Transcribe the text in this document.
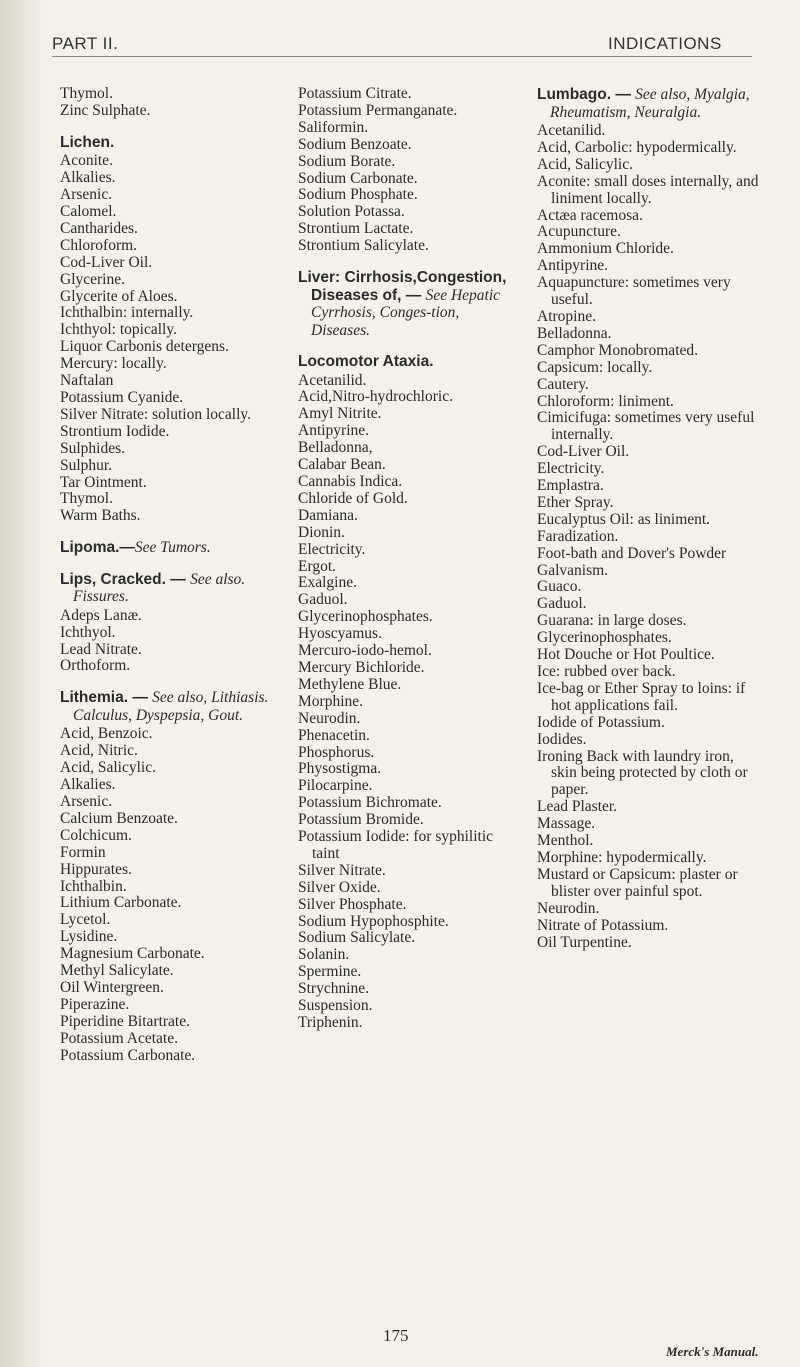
PART II.	INDICATIONS
Thymol.
Zinc Sulphate.
Lichen.
Aconite.
Alkalies.
Arsenic.
Calomel.
Cantharides.
Chloroform.
Cod-Liver Oil.
Glycerine.
Glycerite of Aloes.
Ichthalbin: internally.
Ichthyol: topically.
Liquor Carbonis detergens.
Mercury: locally.
Naftalan
Potassium Cyanide.
Silver Nitrate: solution locally.
Strontium Iodide.
Sulphides.
Sulphur.
Tar Ointment.
Thymol.
Warm Baths.
Lipoma.—See Tumors.
Lips, Cracked. — See also. Fissures.
Adeps Lanæ.
Ichthyol.
Lead Nitrate.
Orthoform.
Lithemia. — See also, Lithiasis. Calculus, Dyspepsia, Gout.
Acid, Benzoic.
Acid, Nitric.
Acid, Salicylic.
Alkalies.
Arsenic.
Calcium Benzoate.
Colchicum.
Formin
Hippurates.
Ichthalbin.
Lithium Carbonate.
Lycetol.
Lysidine.
Magnesium Carbonate.
Methyl Salicylate.
Oil Wintergreen.
Piperazine.
Piperidine Bitartrate.
Potassium Acetate.
Potassium Carbonate.
Potassium Citrate.
Potassium Permanganate.
Saliformin.
Sodium Benzoate.
Sodium Borate.
Sodium Carbonate.
Sodium Phosphate.
Solution Potassa.
Strontium Lactate.
Strontium Salicylate.
Liver: Cirrhosis,Congestion, Diseases of, — See Hepatic Cyrrhosis, Conges-tion, Diseases.
Locomotor Ataxia.
Acetanilid.
Acid,Nitro-hydrochloric.
Amyl Nitrite.
Antipyrine.
Belladonna,
Calabar Bean.
Cannabis Indica.
Chloride of Gold.
Damiana.
Dionin.
Electricity.
Ergot.
Exalgine.
Gaduol.
Glycerinophosphates.
Hyoscyamus.
Mercuro-iodo-hemol.
Mercury Bichloride.
Methylene Blue.
Morphine.
Neurodin.
Phenacetin.
Phosphorus.
Physostigma.
Pilocarpine.
Potassium Bichromate.
Potassium Bromide.
Potassium Iodide: for syphilitic taint
Silver Nitrate.
Silver Oxide.
Silver Phosphate.
Sodium Hypophosphite.
Sodium Salicylate.
Solanin.
Spermine.
Strychnine.
Suspension.
Triphenin.
Lumbago. — See also, Myalgia, Rheumatism, Neuralgia.
Acetanilid.
Acid, Carbolic: hypodermically.
Acid, Salicylic.
Aconite: small doses internally, and liniment locally.
Actæa racemosa.
Acupuncture.
Ammonium Chloride.
Antipyrine.
Aquapuncture: sometimes very useful.
Atropine.
Belladonna.
Camphor Monobromated.
Capsicum: locally.
Cautery.
Chloroform: liniment.
Cimicifuga: sometimes very useful internally.
Cod-Liver Oil.
Electricity.
Emplastra.
Ether Spray.
Eucalyptus Oil: as liniment.
Faradization.
Foot-bath and Dover's Powder
Galvanism.
Guaco.
Gaduol.
Guarana: in large doses.
Glycerinophosphates.
Hot Douche or Hot Poultice.
Ice: rubbed over back.
Ice-bag or Ether Spray to loins: if hot applications fail.
Iodide of Potassium.
Iodides.
Ironing Back with laundry iron, skin being protected by cloth or paper.
Lead Plaster.
Massage.
Menthol.
Morphine: hypodermically.
Mustard or Capsicum: plaster or blister over painful spot.
Neurodin.
Nitrate of Potassium.
Oil Turpentine.
175
Merck's Manual.
